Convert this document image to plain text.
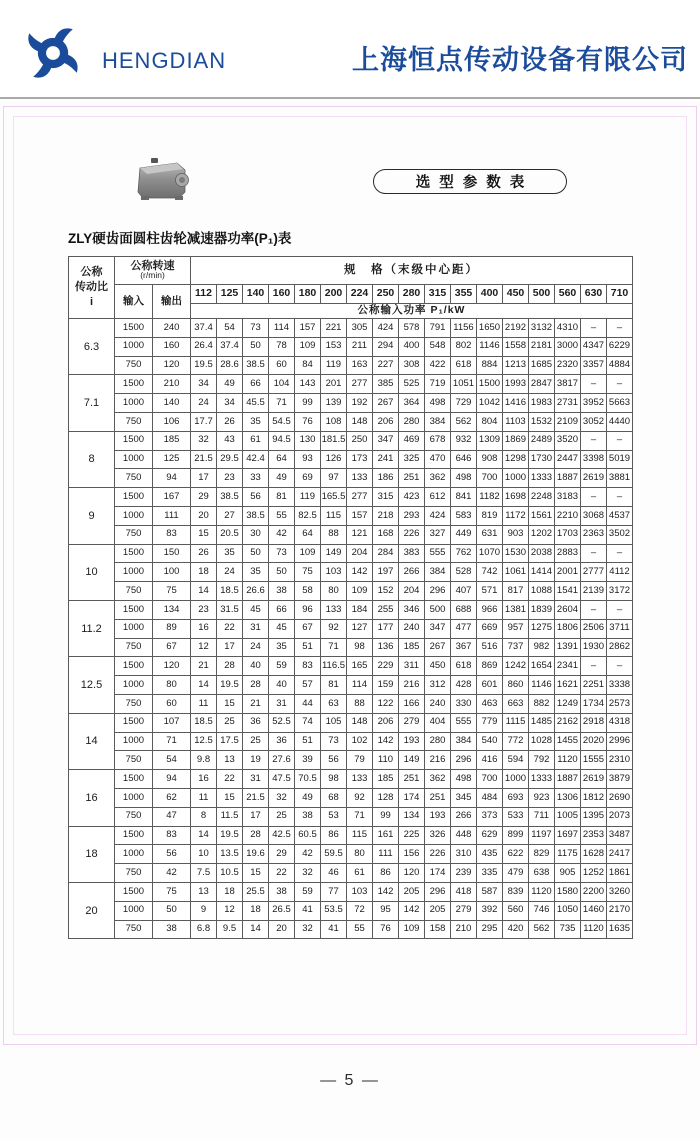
HENGDIAN	上海恒点传动设备有限公司
选型参数表
ZLY硬齿面圆柱齿轮减速器功率(P₁)表
公称
传动比
i

公称转速
(r/min)	规　格（末级中心距）
	输入	输出	112	125	140	160	180	200	224	250	280	315	355	400	450	500	560	630	710
			公称输入功率 P₁/kW																
6.3	1500	240	37.4	54	73	114	157	221	305	424	578	791	1156	1650	2192	3132	4310	–	–
	1000	160	26.4	37.4	50	78	109	153	211	294	400	548	802	1146	1558	2181	3000	4347	6229
	750	120	19.5	28.6	38.5	60	84	119	163	227	308	422	618	884	1213	1685	2320	3357	4884
7.1	1500	210	34	49	66	104	143	201	277	385	525	719	1051	1500	1993	2847	3817	–	–
	1000	140	24	34	45.5	71	99	139	192	267	364	498	729	1042	1416	1983	2731	3952	5663
	750	106	17.7	26	35	54.5	76	108	148	206	280	384	562	804	1103	1532	2109	3052	4440
8	1500	185	32	43	61	94.5	130	181.5	250	347	469	678	932	1309	1869	2489	3520	–	–
	1000	125	21.5	29.5	42.4	64	93	126	173	241	325	470	646	908	1298	1730	2447	3398	5019
	750	94	17	23	33	49	69	97	133	186	251	362	498	700	1000	1333	1887	2619	3881
9	1500	167	29	38.5	56	81	119	165.5	277	315	423	612	841	1182	1698	2248	3183	–	–
	1000	111	20	27	38.5	55	82.5	115	157	218	293	424	583	819	1172	1561	2210	3068	4537
	750	83	15	20.5	30	42	64	88	121	168	226	327	449	631	903	1202	1703	2363	3502
10	1500	150	26	35	50	73	109	149	204	284	383	555	762	1070	1530	2038	2883	–	–
	1000	100	18	24	35	50	75	103	142	197	266	384	528	742	1061	1414	2001	2777	4112
	750	75	14	18.5	26.6	38	58	80	109	152	204	296	407	571	817	1088	1541	2139	3172
11.2	1500	134	23	31.5	45	66	96	133	184	255	346	500	688	966	1381	1839	2604	–	–
	1000	89	16	22	31	45	67	92	127	177	240	347	477	669	957	1275	1806	2506	3711
	750	67	12	17	24	35	51	71	98	136	185	267	367	516	737	982	1391	1930	2862
12.5	1500	120	21	28	40	59	83	116.5	165	229	311	450	618	869	1242	1654	2341	–	–
	1000	80	14	19.5	28	40	57	81	114	159	216	312	428	601	860	1146	1621	2251	3338
	750	60	11	15	21	31	44	63	88	122	166	240	330	463	663	882	1249	1734	2573
14	1500	107	18.5	25	36	52.5	74	105	148	206	279	404	555	779	1115	1485	2162	2918	4318
	1000	71	12.5	17.5	25	36	51	73	102	142	193	280	384	540	772	1028	1455	2020	2996
	750	54	9.8	13	19	27.6	39	56	79	110	149	216	296	416	594	792	1120	1555	2310
16	1500	94	16	22	31	47.5	70.5	98	133	185	251	362	498	700	1000	1333	1887	2619	3879
	1000	62	11	15	21.5	32	49	68	92	128	174	251	345	484	693	923	1306	1812	2690
	750	47	8	11.5	17	25	38	53	71	99	134	193	266	373	533	711	1005	1395	2073
18	1500	83	14	19.5	28	42.5	60.5	86	115	161	225	326	448	629	899	1197	1697	2353	3487
	1000	56	10	13.5	19.6	29	42	59.5	80	111	156	226	310	435	622	829	1175	1628	2417
	750	42	7.5	10.5	15	22	32	46	61	86	120	174	239	335	479	638	905	1252	1861
20	1500	75	13	18	25.5	38	59	77	103	142	205	296	418	587	839	1120	1580	2200	3260
	1000	50	9	12	18	26.5	41	53.5	72	95	142	205	279	392	560	746	1050	1460	2170
	750	38	6.8	9.5	14	20	32	41	55	76	109	158	210	295	420	562	735	1120	1635
— 5 —
